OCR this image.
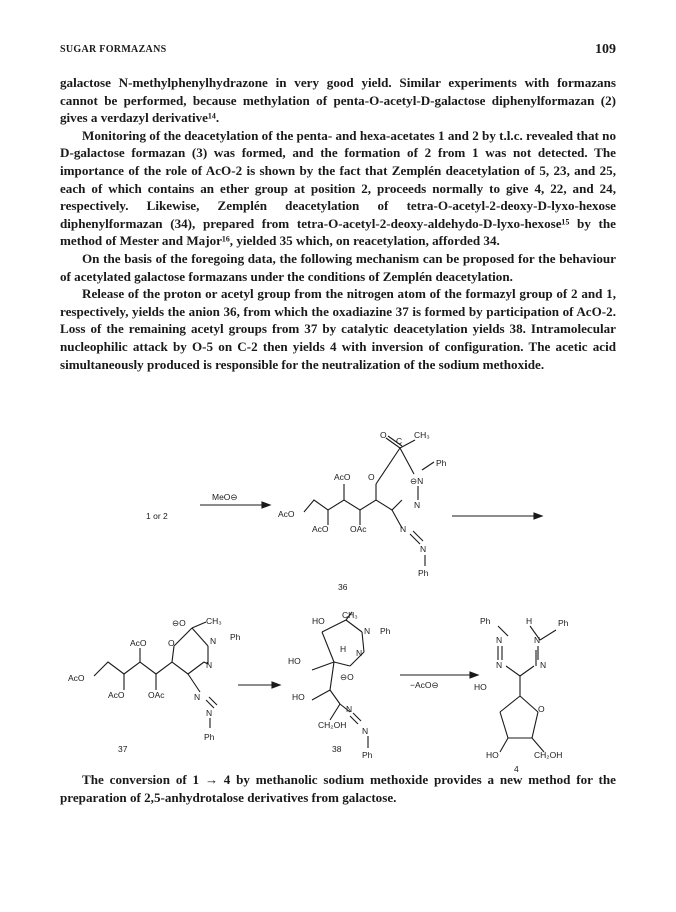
SUGAR FORMAZANS	109

galactose N-methylphenylhydrazone in very good yield. Similar experiments with formazans cannot be performed, because methylation of penta-O-acetyl-D-galactose diphenylformazan (2) gives a verdazyl derivative¹⁴.

Monitoring of the deacetylation of the penta- and hexa-acetates 1 and 2 by t.l.c. revealed that no D-galactose formazan (3) was formed, and the formation of 2 from 1 was not detected. The importance of the role of AcO-2 is shown by the fact that Zemplén deacetylation of 5, 23, and 25, each of which contains an ether group at position 2, proceeds normally to give 4, 22, and 24, respectively. Likewise, Zemplén deacetylation of tetra-O-acetyl-2-deoxy-D-lyxo-hexose diphenylformazan (34), prepared from tetra-O-acetyl-2-deoxy-aldehydo-D-lyxo-hexose¹⁵ by the method of Mester and Major¹⁶, yielded 35 which, on reacetylation, afforded 34.

On the basis of the foregoing data, the following mechanism can be proposed for the behaviour of acetylated galactose formazans under the conditions of Zemplén deacetylation.

Release of the proton or acetyl group from the nitrogen atom of the formazyl group of 2 and 1, respectively, yields the anion 36, from which the oxadiazine 37 is formed by participation of AcO-2. Loss of the remaining acetyl groups from 37 by catalytic deacetylation yields 38. Intramolecular nucleophilic attack by O-5 on C-2 then yields 4 with inversion of configuration. The acetic acid simultaneously produced is responsible for the neutralization of the sodium methoxide.

1 or 2
MeO⊖
AcO
AcO
AcO
OAc
O
O
C
CH₃
⊖N
Ph
N
N
N
Ph
36
AcO
AcO
AcO
OAc
O
⊖O CH₃
N Ph
N
N
N
Ph
37
HO
CH₃
N Ph
N
H
HO
⊖O
HO
N
N
Ph
CH₂OH
38
−AcO⊖
Ph	H	Ph
N	N
N	N
HO
O
HO	CH₂OH
4

The conversion of 1 → 4 by methanolic sodium methoxide provides a new method for the preparation of 2,5-anhydrotalose derivatives from galactose.
